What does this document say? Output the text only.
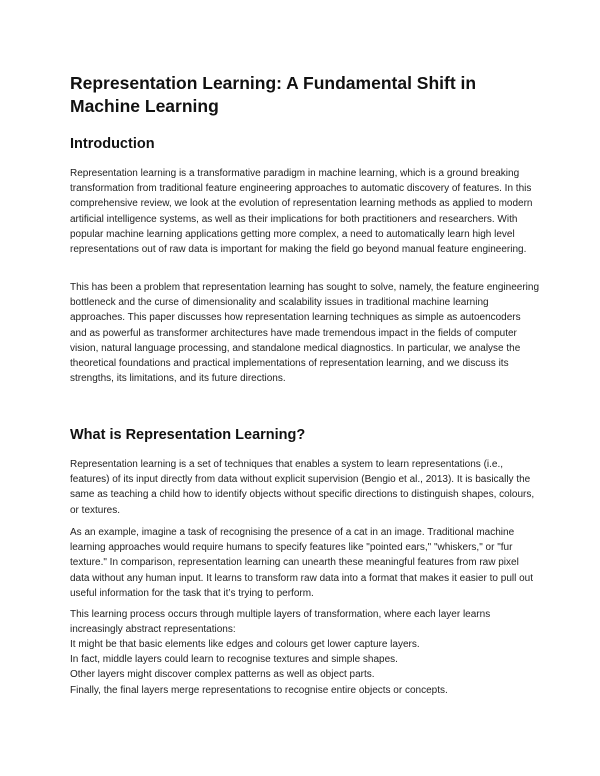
Representation Learning: A Fundamental Shift in Machine Learning
Introduction

Representation learning is a transformative paradigm in machine learning, which is a ground breaking transformation from traditional feature engineering approaches to automatic discovery of features. In this comprehensive review, we look at the evolution of representation learning methods as applied to modern artificial intelligence systems, as well as their implications for both practitioners and researchers. With popular machine learning applications getting more complex, a need to automatically learn high level representations out of raw data is important for making the field go beyond manual feature engineering.

This has been a problem that representation learning has sought to solve, namely, the feature engineering bottleneck and the curse of dimensionality and scalability issues in traditional machine learning approaches. This paper discusses how representation learning techniques as simple as autoencoders and as powerful as transformer architectures have made tremendous impact in the fields of computer vision, natural language processing, and standalone medical diagnostics. In particular, we analyse the theoretical foundations and practical implementations of representation learning, and we discuss its strengths, its limitations, and its future directions.

What is Representation Learning?

Representation learning is a set of techniques that enables a system to learn representations (i.e., features) of its input directly from data without explicit supervision (Bengio et al., 2013). It is basically the same as teaching a child how to identify objects without specific directions to distinguish shapes, colours, or textures.

As an example, imagine a task of recognising the presence of a cat in an image. Traditional machine learning approaches would require humans to specify features like "pointed ears," "whiskers," or "fur texture." In comparison, representation learning can unearth these meaningful features from raw pixel data without any human input. It learns to transform raw data into a format that makes it easier to pull out useful information for the task that it’s trying to perform.

This learning process occurs through multiple layers of transformation, where each layer learns increasingly abstract representations:

It might be that basic elements like edges and colours get lower capture layers.
In fact, middle layers could learn to recognise textures and simple shapes.
Other layers might discover complex patterns as well as object parts.
Finally, the final layers merge representations to recognise entire objects or concepts.
